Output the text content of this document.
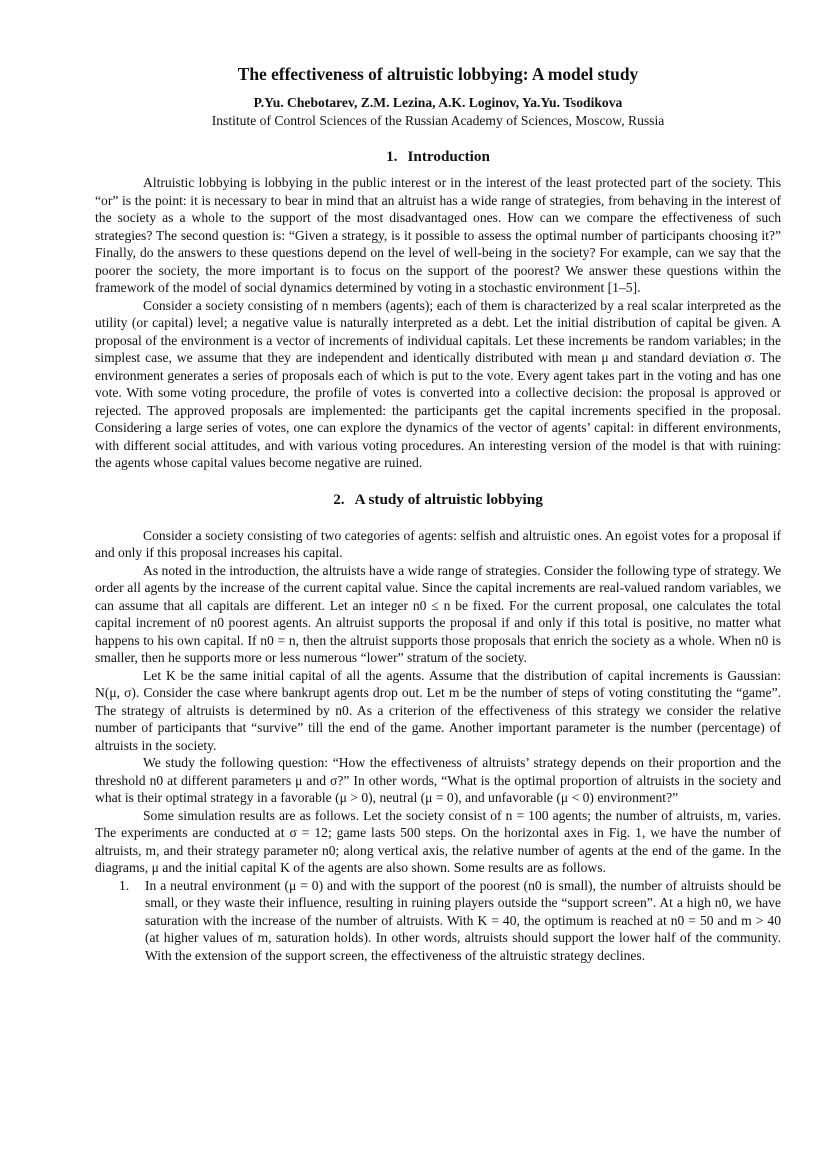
The effectiveness of altruistic lobbying: A model study

P.Yu. Chebotarev, Z.M. Lezina, A.K. Loginov, Ya.Yu. Tsodikova

Institute of Control Sciences of the Russian Academy of Sciences, Moscow, Russia

1. Introduction

Altruistic lobbying is lobbying in the public interest or in the interest of the least protected part of the society. This “or” is the point: it is necessary to bear in mind that an altruist has a wide range of strategies, from behaving in the interest of the society as a whole to the support of the most disadvantaged ones. How can we compare the effectiveness of such strategies? The second question is: “Given a strategy, is it possible to assess the optimal number of participants choosing it?” Finally, do the answers to these questions depend on the level of well-being in the society? For example, can we say that the poorer the society, the more important is to focus on the support of the poorest? We answer these questions within the framework of the model of social dynamics determined by voting in a stochastic environment [1–5].

Consider a society consisting of n members (agents); each of them is characterized by a real scalar interpreted as the utility (or capital) level; a negative value is naturally interpreted as a debt. Let the initial distribution of capital be given. A proposal of the environment is a vector of increments of individual capitals. Let these increments be random variables; in the simplest case, we assume that they are independent and identically distributed with mean μ and standard deviation σ. The environment generates a series of proposals each of which is put to the vote. Every agent takes part in the voting and has one vote. With some voting procedure, the profile of votes is converted into a collective decision: the proposal is approved or rejected. The approved proposals are implemented: the participants get the capital increments specified in the proposal. Considering a large series of votes, one can explore the dynamics of the vector of agents’ capital: in different environments, with different social attitudes, and with various voting procedures. An interesting version of the model is that with ruining: the agents whose capital values become negative are ruined.

2. A study of altruistic lobbying

Consider a society consisting of two categories of agents: selfish and altruistic ones. An egoist votes for a proposal if and only if this proposal increases his capital.

As noted in the introduction, the altruists have a wide range of strategies. Consider the following type of strategy. We order all agents by the increase of the current capital value. Since the capital increments are real-valued random variables, we can assume that all capitals are different. Let an integer n0 ≤ n be fixed. For the current proposal, one calculates the total capital increment of n0 poorest agents. An altruist supports the proposal if and only if this total is positive, no matter what happens to his own capital. If n0 = n, then the altruist supports those proposals that enrich the society as a whole. When n0 is smaller, then he supports more or less numerous “lower” stratum of the society.

Let K be the same initial capital of all the agents. Assume that the distribution of capital increments is Gaussian: N(μ, σ). Consider the case where bankrupt agents drop out. Let m be the number of steps of voting constituting the “game”. The strategy of altruists is determined by n0. As a criterion of the effectiveness of this strategy we consider the relative number of participants that “survive” till the end of the game. Another important parameter is the number (percentage) of altruists in the society.

We study the following question: “How the effectiveness of altruists’ strategy depends on their proportion and the threshold n0 at different parameters μ and σ?” In other words, “What is the optimal proportion of altruists in the society and what is their optimal strategy in a favorable (μ > 0), neutral (μ = 0), and unfavorable (μ < 0) environment?”

Some simulation results are as follows. Let the society consist of n = 100 agents; the number of altruists, m, varies. The experiments are conducted at σ = 12; game lasts 500 steps. On the horizontal axes in Fig. 1, we have the number of altruists, m, and their strategy parameter n0; along vertical axis, the relative number of agents at the end of the game. In the diagrams, μ and the initial capital K of the agents are also shown. Some results are as follows.

1. In a neutral environment (μ = 0) and with the support of the poorest (n0 is small), the number of altruists should be small, or they waste their influence, resulting in ruining players outside the “support screen”. At a high n0, we have saturation with the increase of the number of altruists. With K = 40, the optimum is reached at n0 = 50 and m > 40 (at higher values of m, saturation holds). In other words, altruists should support the lower half of the community. With the extension of the support screen, the effectiveness of the altruistic strategy declines.
